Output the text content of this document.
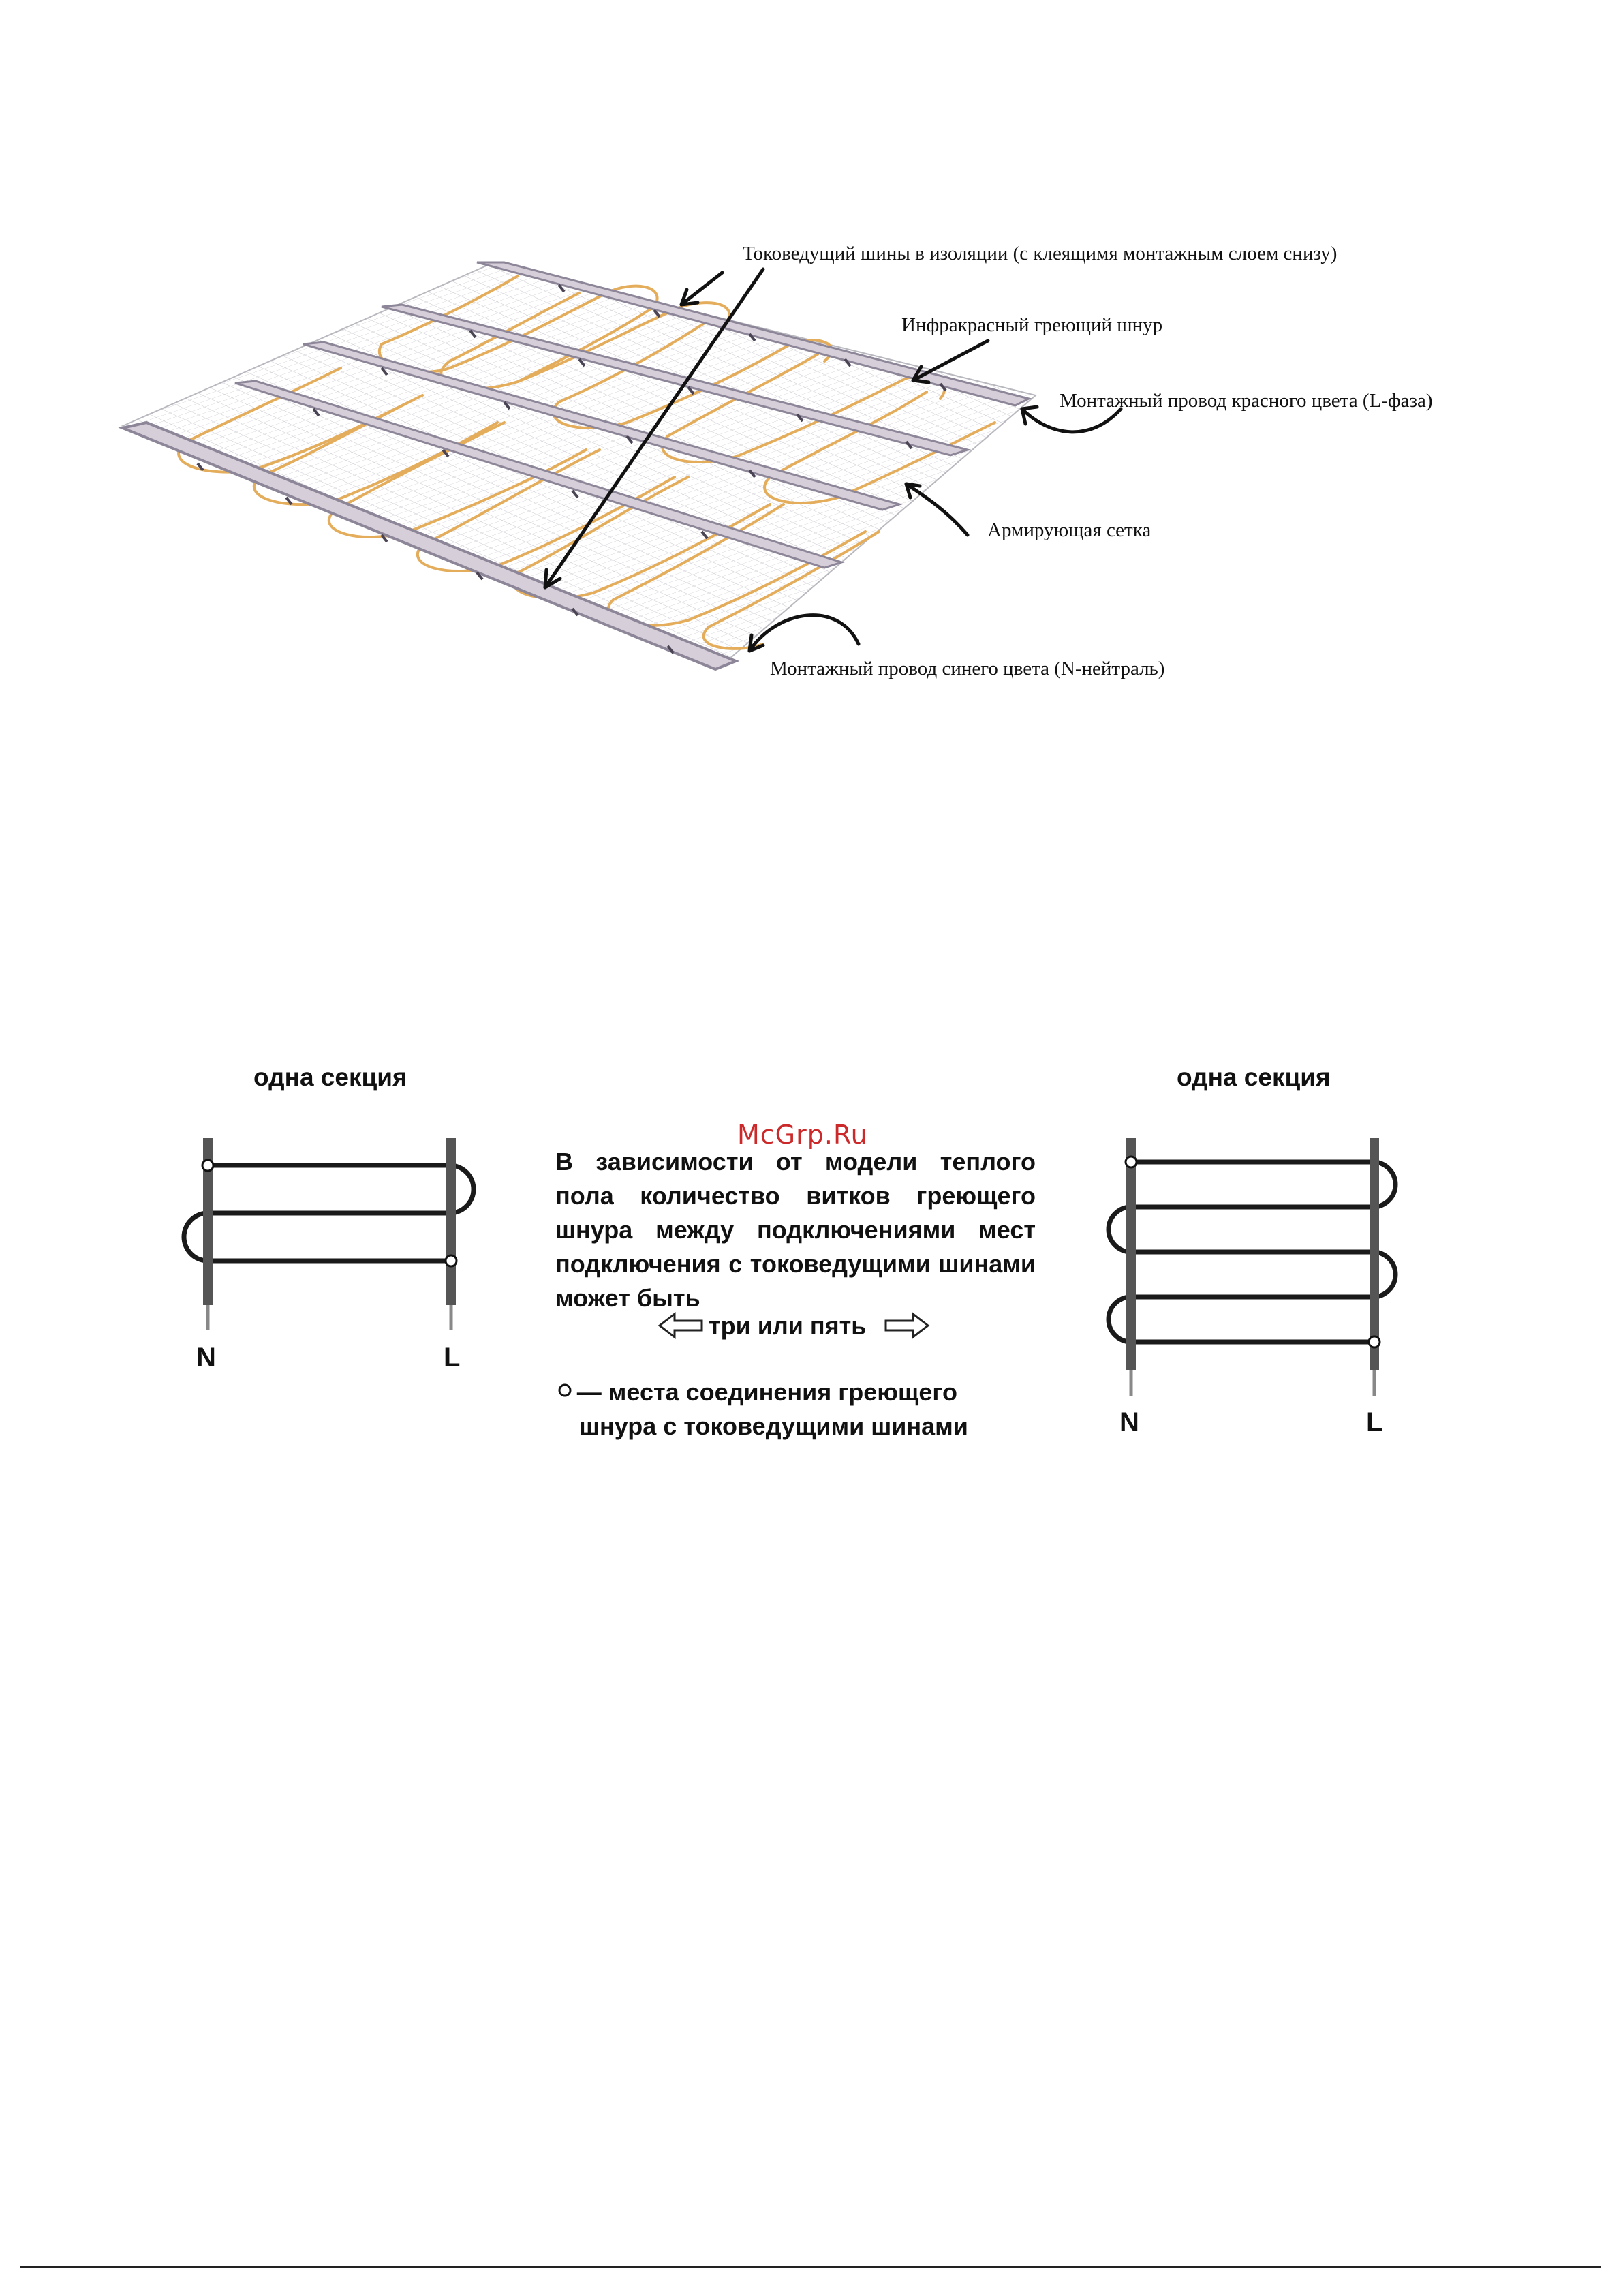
Токоведущий шины в изоляции (с клеящимя монтажным слоем снизу)
Инфракрасный греющий шнур
Монтажный провод красного цвета (L-фаза)
Армирующая сетка
Монтажный провод синего цвета (N-нейтраль)
одна секция
N	L
одна секция
N	L
три или пять
McGrp.Ru
В зависимости от модели теплого пола количество витков греющего шнура между подключениями мест подключения с токоведущими шинами может быть
— места соединения греющего
шнура с токоведущими шинами
